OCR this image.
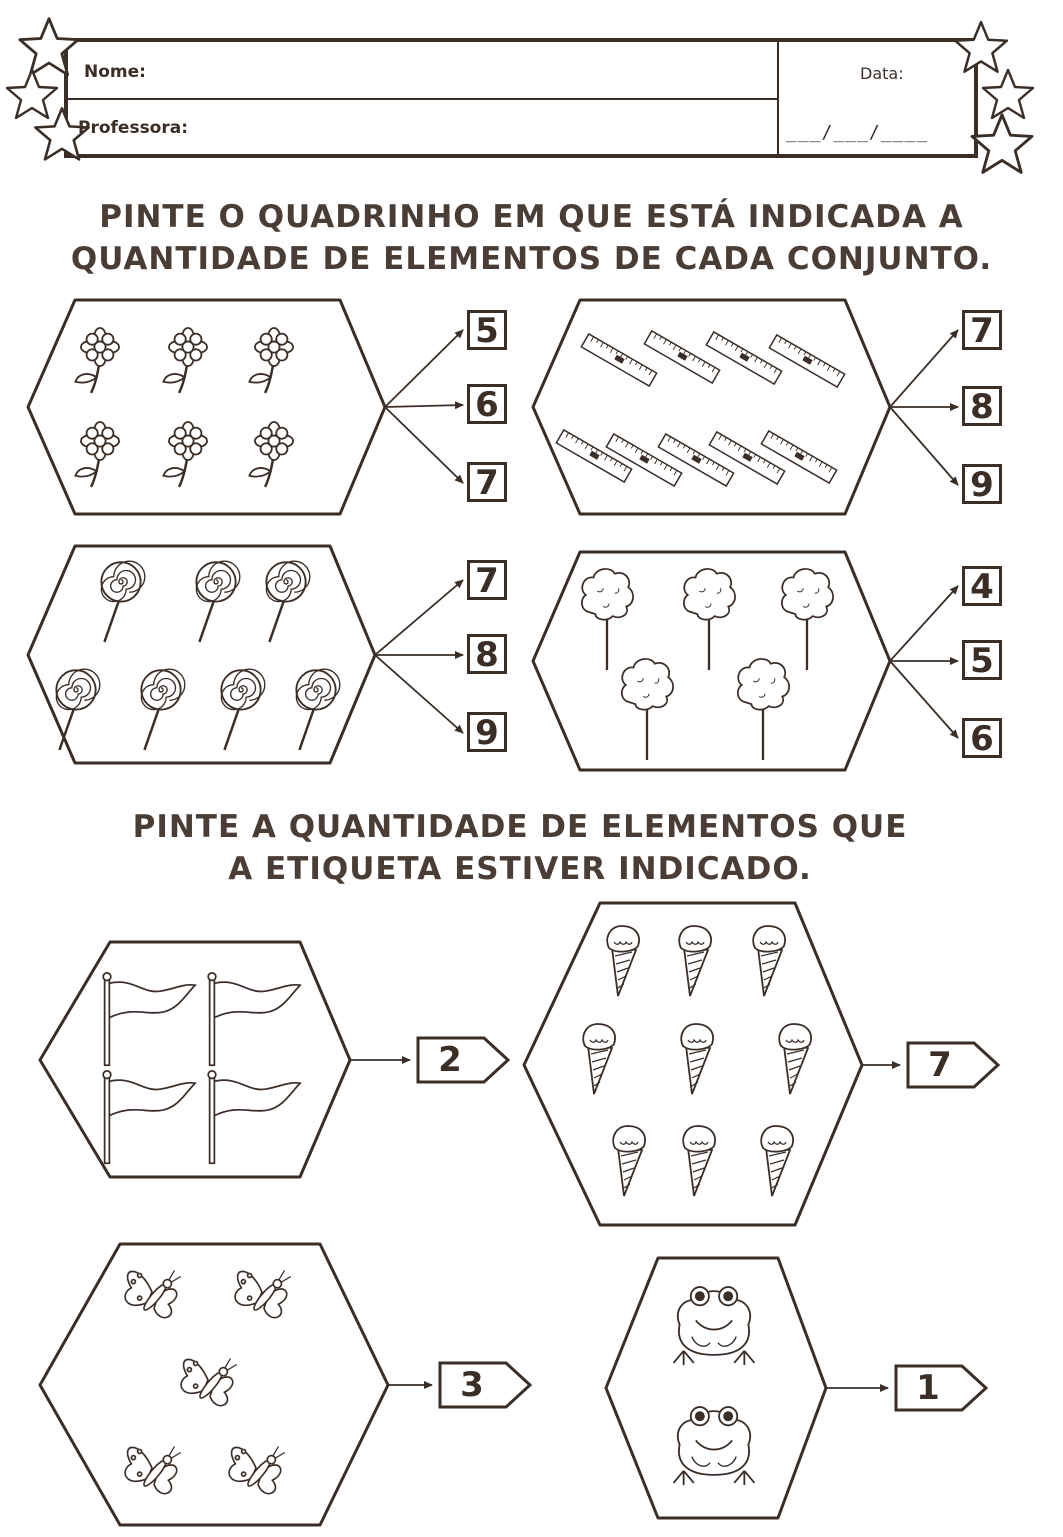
Nome:
Professora:
Data:
___/___/____
PINTE O QUADRINHO EM QUE ESTÁ INDICADA A
QUANTIDADE DE ELEMENTOS DE CADA CONJUNTO.
5
6
7
7
8
9
7
8
9
4
5
6
PINTE A QUANTIDADE DE ELEMENTOS QUE
A ETIQUETA ESTIVER INDICADO.
2	7
3	1
